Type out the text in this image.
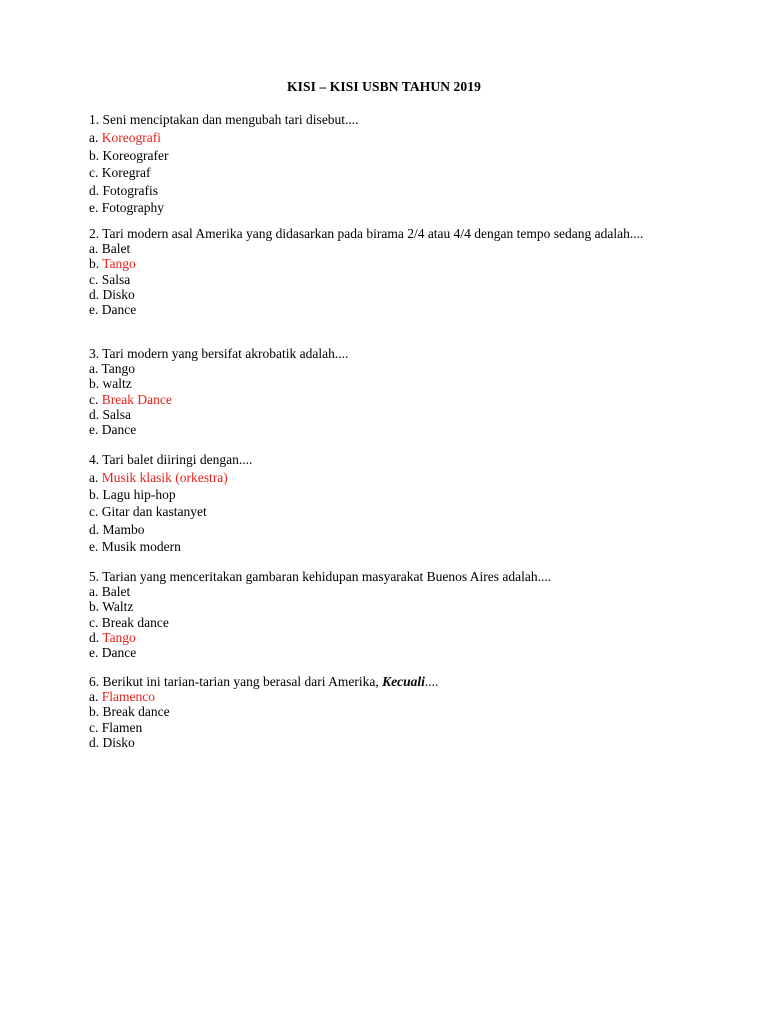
KISI – KISI USBN TAHUN 2019

1. Seni menciptakan dan mengubah tari disebut....

a. Koreografi

b. Koreografer

c. Koregraf

d. Fotografis

e. Fotography

2. Tari modern asal Amerika yang didasarkan pada birama 2/4 atau 4/4 dengan tempo sedang adalah....

a. Balet

b. Tango

c. Salsa

d. Disko

e. Dance

3. Tari modern yang bersifat akrobatik adalah....

a. Tango

b. waltz

c. Break Dance

d. Salsa

e. Dance

4. Tari balet diiringi dengan....

a. Musik klasik (orkestra)

b. Lagu hip-hop

c. Gitar dan kastanyet

d. Mambo

e. Musik modern

5. Tarian yang menceritakan gambaran kehidupan masyarakat Buenos Aires adalah....

a. Balet

b. Waltz

c. Break dance

d. Tango

e. Dance

6. Berikut ini tarian-tarian yang berasal dari Amerika, Kecuali....

a. Flamenco

b. Break dance

c. Flamen

d. Disko
